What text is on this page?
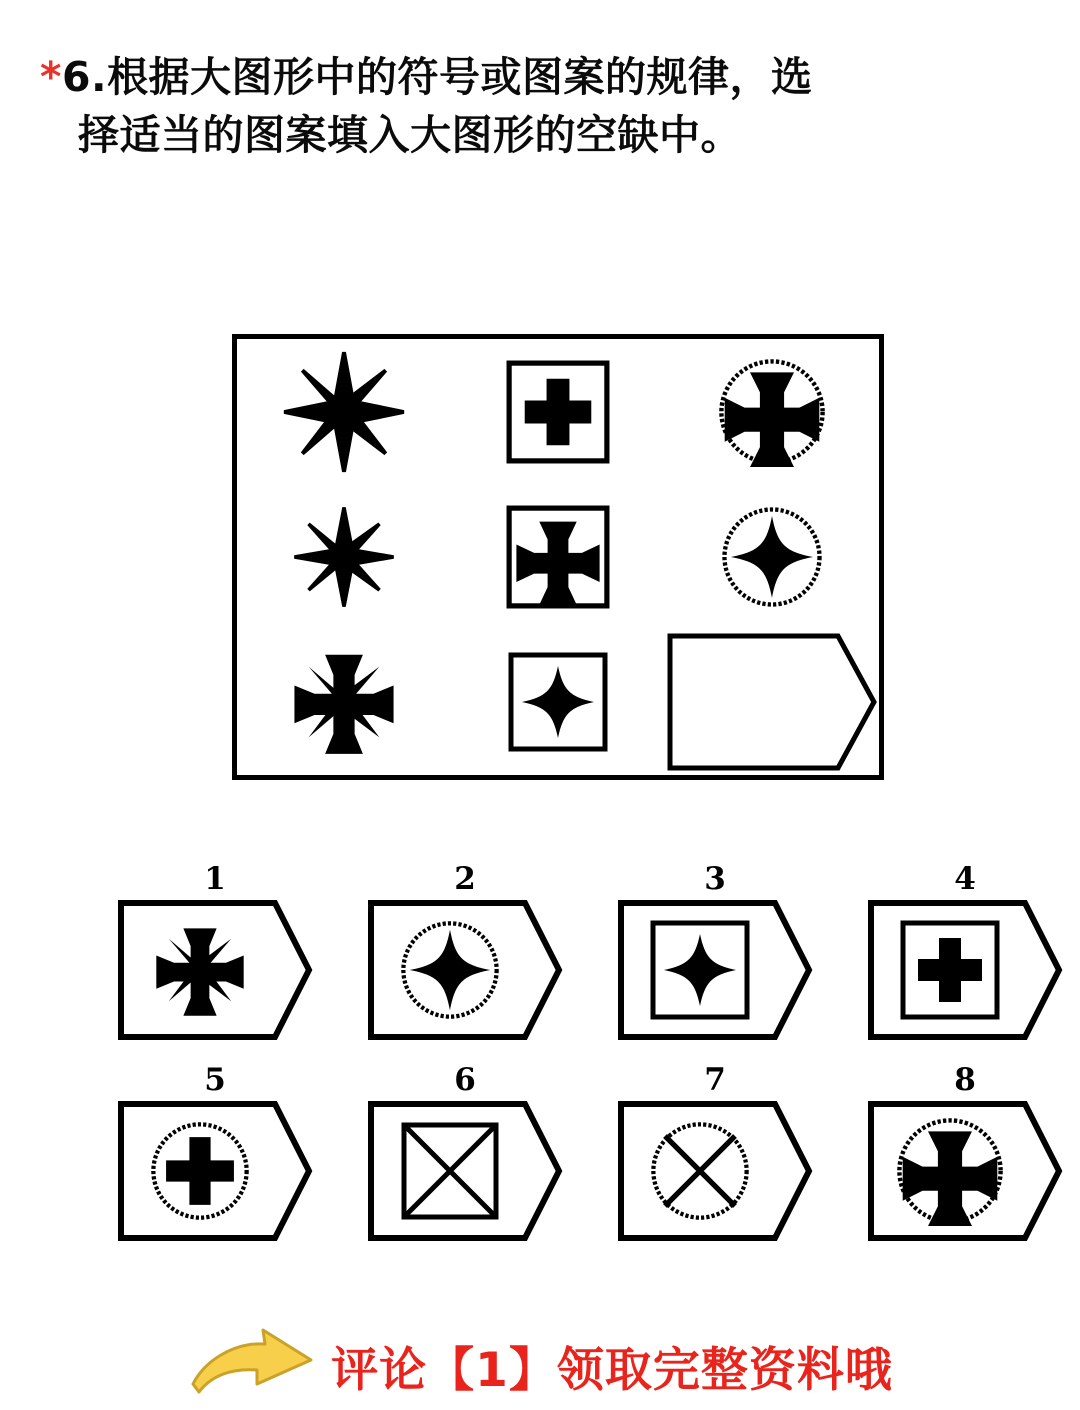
*6.根据大图形中的符号或图案的规律，选
择适当的图案填入大图形的空缺中。
1	2	3	4
5	6	7	8
评论【1】领取完整资料哦
